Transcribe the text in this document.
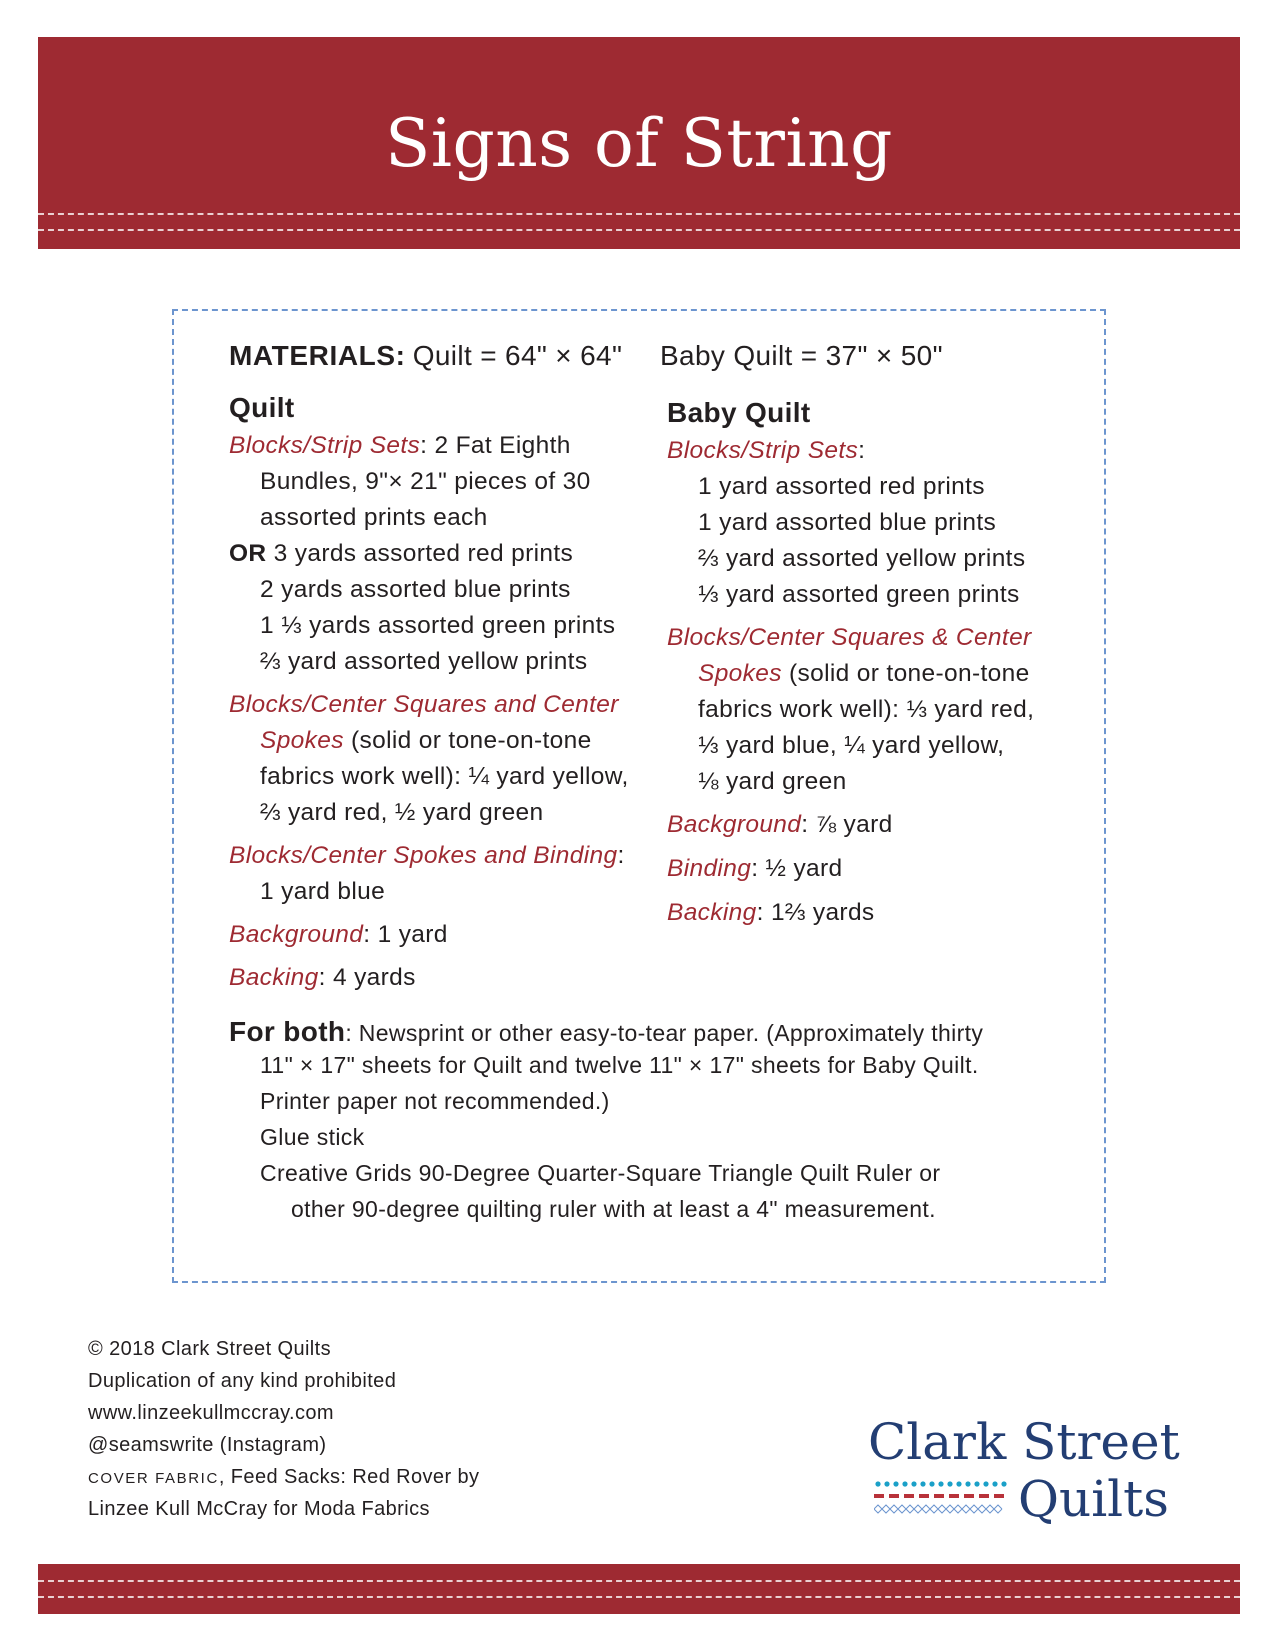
Signs of String
MATERIALS: Quilt = 64" × 64" Baby Quilt = 37" × 50"
Quilt
Blocks/Strip Sets: 2 Fat Eighth
Bundles, 9"× 21" pieces of 30
assorted prints each
OR 3 yards assorted red prints
2 yards assorted blue prints
1 ⅓ yards assorted green prints
⅔ yard assorted yellow prints
Blocks/Center Squares and Center
Spokes (solid or tone-on-tone
fabrics work well): ¼ yard yellow,
⅔ yard red, ½ yard green
Blocks/Center Spokes and Binding:
1 yard blue
Background: 1 yard
Backing: 4 yards
Baby Quilt
Blocks/Strip Sets:
1 yard assorted red prints
1 yard assorted blue prints
⅔ yard assorted yellow prints
⅓ yard assorted green prints
Blocks/Center Squares & Center
Spokes (solid or tone-on-tone
fabrics work well): ⅓ yard red,
⅓ yard blue, ¼ yard yellow,
⅛ yard green
Background: ⅞ yard
Binding: ½ yard
Backing: 1⅔ yards
For both: Newsprint or other easy-to-tear paper. (Approximately thirty
11" × 17" sheets for Quilt and twelve 11" × 17" sheets for Baby Quilt.
Printer paper not recommended.)
Glue stick
Creative Grids 90-Degree Quarter-Square Triangle Quilt Ruler or
other 90-degree quilting ruler with at least a 4" measurement.
© 2018 Clark Street Quilts
Duplication of any kind prohibited
www.linzeekullmccray.com
@seamswrite (Instagram)
COVER FABRIC, Feed Sacks: Red Rover by
Linzee Kull McCray for Moda Fabrics
Clark Street
Quilts
